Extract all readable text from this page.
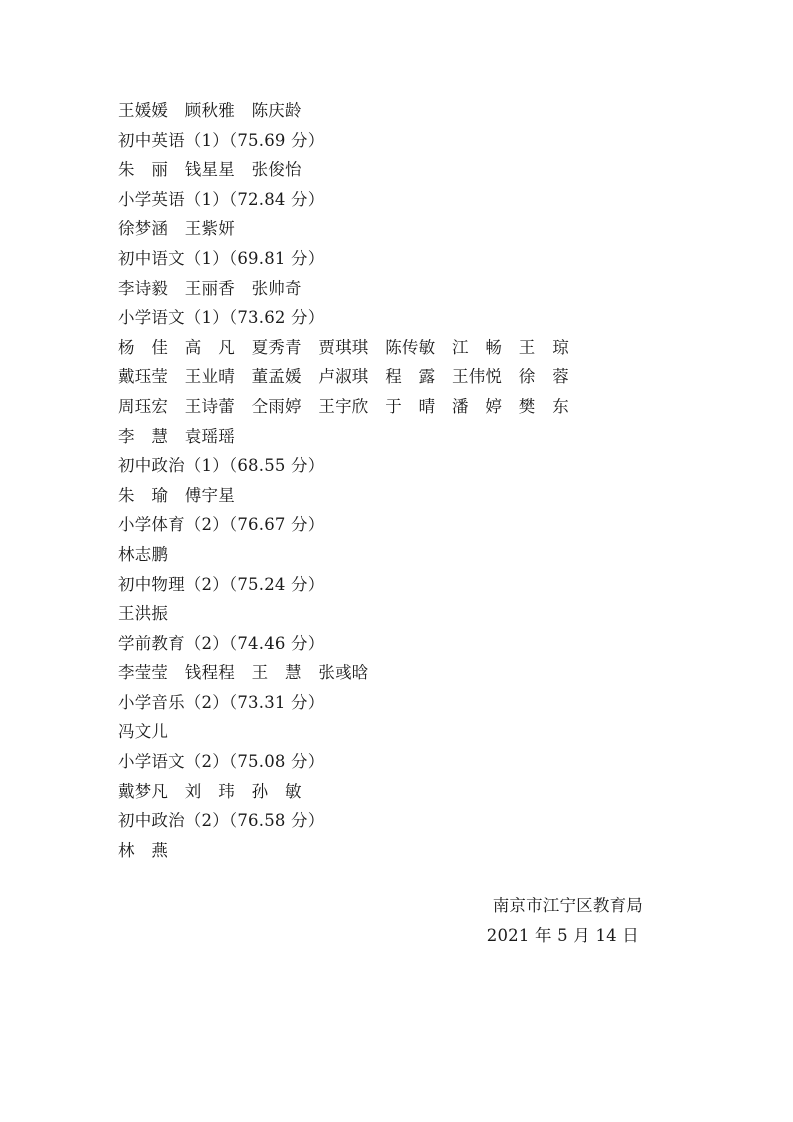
王媛媛　顾秋雅　陈庆龄
初中英语（1）（75.69 分）
朱　丽　钱星星　张俊怡
小学英语（1）（72.84 分）
徐梦涵　王紫妍
初中语文（1）（69.81 分）
李诗毅　王丽香　张帅奇
小学语文（1）（73.62 分）
杨　佳　高　凡　夏秀青　贾琪琪　陈传敏　江　畅　王　琼
戴珏莹　王业晴　董孟媛　卢淑琪　程　露　王伟悦　徐　蓉
周珏宏　王诗蕾　仝雨婷　王宇欣　于　晴　潘　婷　樊　东
李　慧　袁瑶瑶
初中政治（1）（68.55 分）
朱　瑜　傅宇星
小学体育（2）（76.67 分）
林志鹏
初中物理（2）（75.24 分）
王洪振
学前教育（2）（74.46 分）
李莹莹　钱程程　王　慧　张彧晗
小学音乐（2）（73.31 分）
冯文儿
小学语文（2）（75.08 分）
戴梦凡　刘　玮　孙　敏
初中政治（2）（76.58 分）
林　燕
南京市江宁区教育局
2021 年 5 月 14 日
